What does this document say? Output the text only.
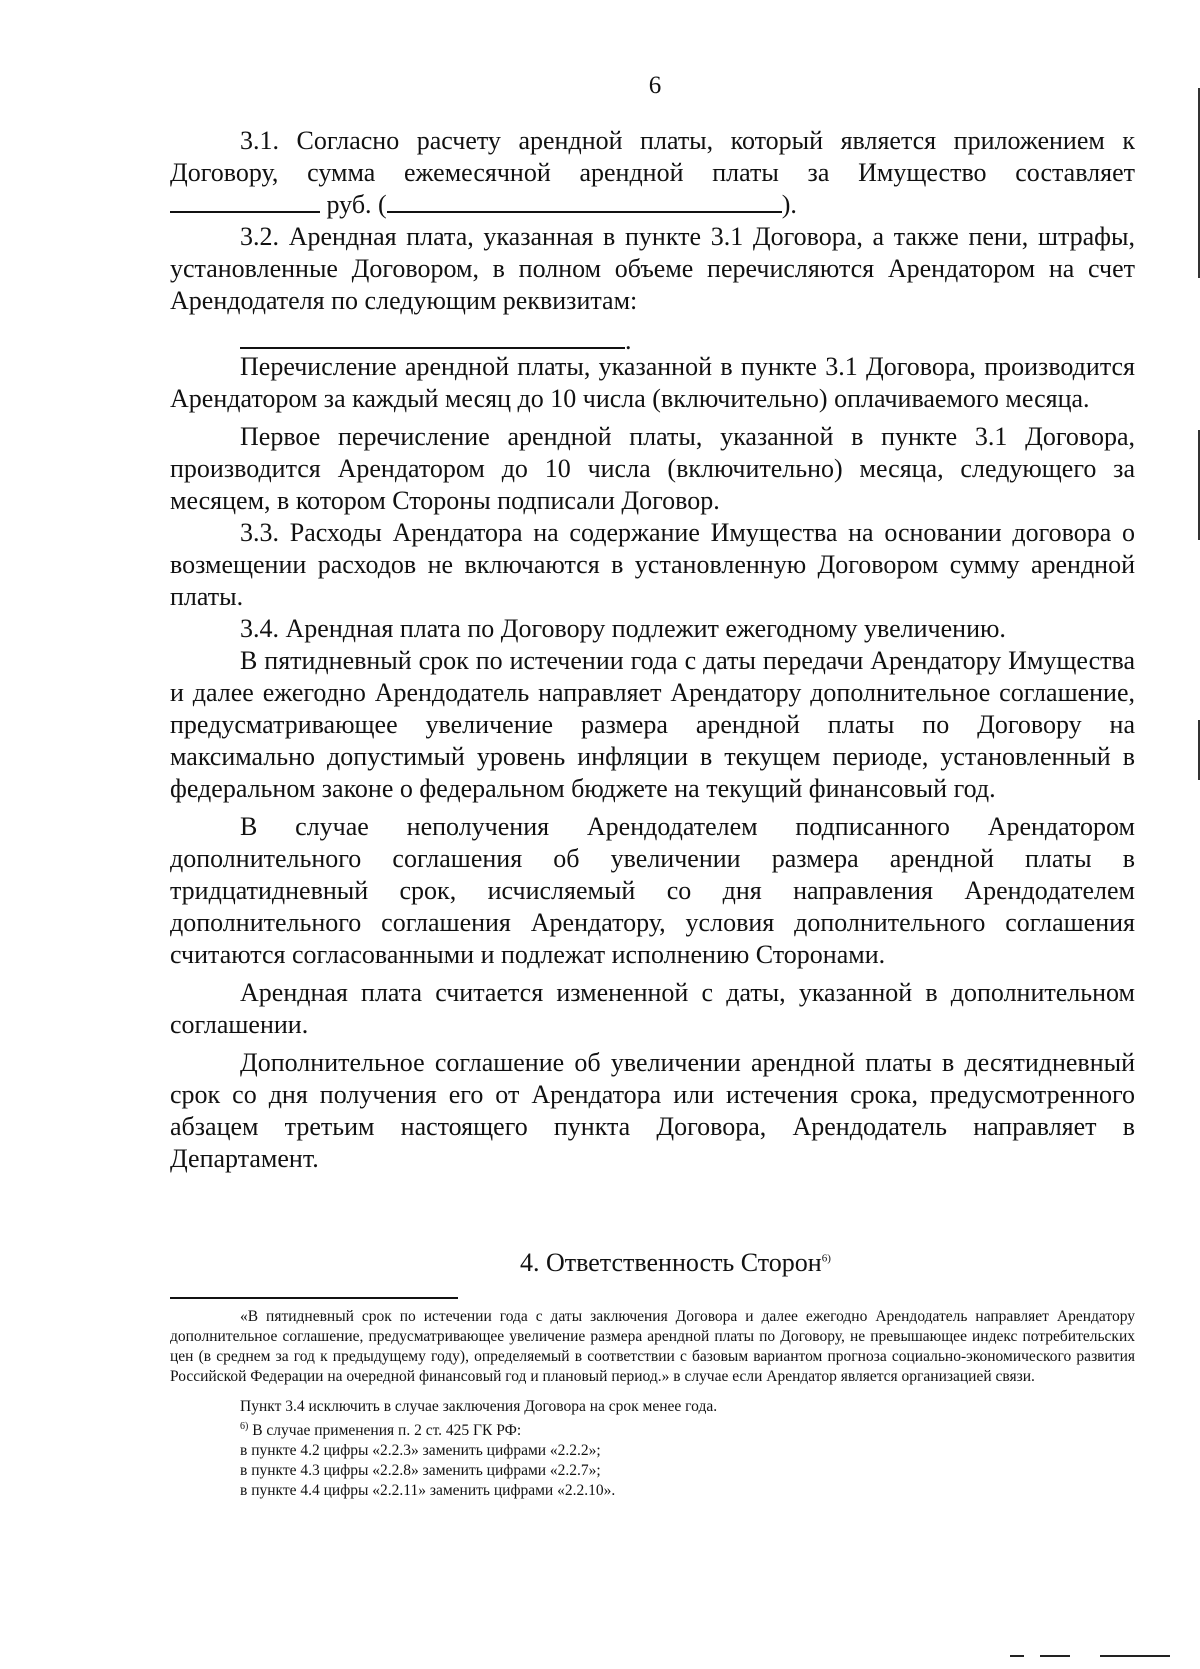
6

3.1. Согласно расчету арендной платы, который является приложением к Договору, сумма ежемесячной арендной платы за Имущество составляет  руб. (	).

3.2. Арендная плата, указанная в пункте 3.1 Договора, а также пени, штрафы, установленные Договором, в полном объеме перечисляются Арендатором на счет Арендодателя по следующим реквизитам:

.

Перечисление арендной платы, указанной в пункте 3.1 Договора, производится Арендатором за каждый месяц до 10 числа (включительно) оплачиваемого месяца.

Первое перечисление арендной платы, указанной в пункте 3.1 Договора, производится Арендатором до 10 числа (включительно) месяца, следующего за месяцем, в котором Стороны подписали Договор.

3.3. Расходы Арендатора на содержание Имущества на основании договора о возмещении расходов не включаются в установленную Договором сумму арендной платы.

3.4. Арендная плата по Договору подлежит ежегодному увеличению.

В пятидневный срок по истечении года с даты передачи Арендатору Имущества и далее ежегодно Арендодатель направляет Арендатору дополнительное соглашение, предусматривающее увеличение размера арендной платы по Договору на максимально допустимый уровень инфляции в текущем периоде, установленный в федеральном законе о федеральном бюджете на текущий финансовый год.

В случае неполучения Арендодателем подписанного Арендатором дополнительного соглашения об увеличении размера арендной платы в тридцатидневный срок, исчисляемый со дня направления Арендодателем дополнительного соглашения Арендатору, условия дополнительного соглашения считаются согласованными и подлежат исполнению Сторонами.

Арендная плата считается измененной с даты, указанной в дополнительном соглашении.

Дополнительное соглашение об увеличении арендной платы в десятидневный срок со дня получения его от Арендатора или истечения срока, предусмотренного абзацем третьим настоящего пункта Договора, Арендодатель направляет в Департамент.

4. Ответственность Сторон$^{6)}$

«В пятидневный срок по истечении года с даты заключения Договора и далее ежегодно Арендодатель направляет Арендатору дополнительное соглашение, предусматривающее увеличение размера арендной платы по Договору, не превышающее индекс потребительских цен (в среднем за год к предыдущему году), определяемый в соответствии с базовым вариантом прогноза социально-экономического развития Российской Федерации на очередной финансовый год и плановый период.» в случае если Арендатор является организацией связи.

Пункт 3.4 исключить в случае заключения Договора на срок менее года.

$^{6)}$ В случае применения п. 2 ст. 425 ГК РФ:

в пункте 4.2 цифры «2.2.3» заменить цифрами «2.2.2»;

в пункте 4.3 цифры «2.2.8» заменить цифрами «2.2.7»;

в пункте 4.4 цифры «2.2.11» заменить цифрами «2.2.10».
